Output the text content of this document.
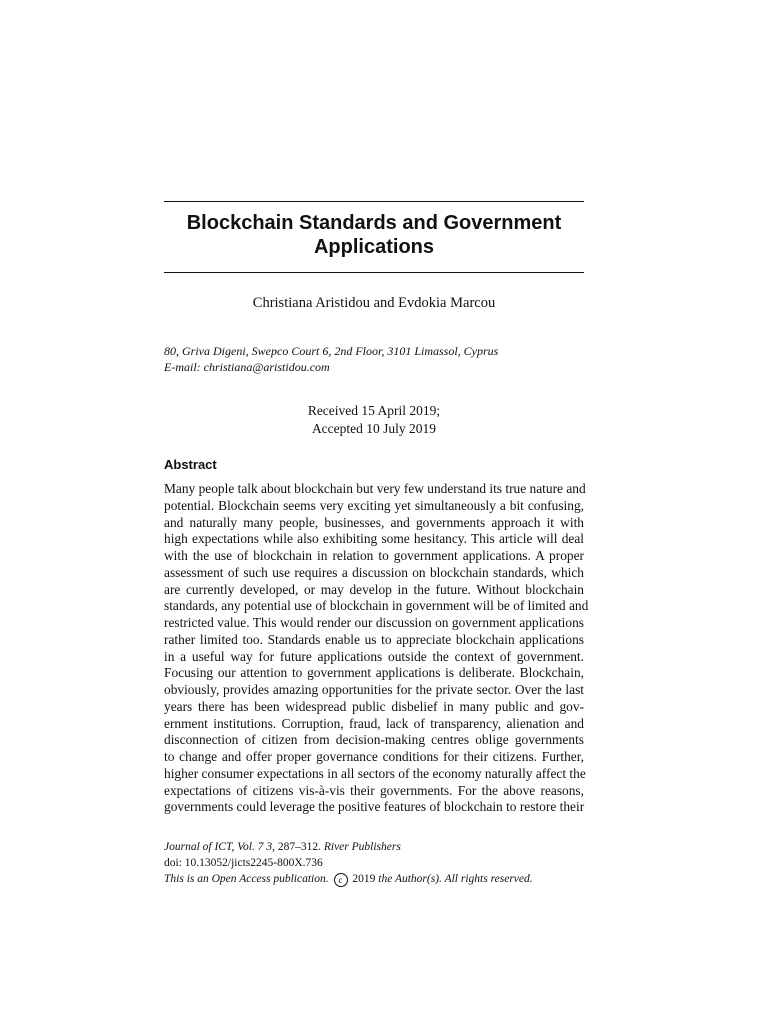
Blockchain Standards and Government
Applications
Christiana Aristidou and Evdokia Marcou
80, Griva Digeni, Swepco Court 6, 2nd Floor, 3101 Limassol, Cyprus
E-mail: christiana@aristidou.com
Received 15 April 2019;
Accepted 10 July 2019
Abstract
Many people talk about blockchain but very few understand its true nature and
potential. Blockchain seems very exciting yet simultaneously a bit confusing,
and naturally many people, businesses, and governments approach it with
high expectations while also exhibiting some hesitancy. This article will deal
with the use of blockchain in relation to government applications. A proper
assessment of such use requires a discussion on blockchain standards, which
are currently developed, or may develop in the future. Without blockchain
standards, any potential use of blockchain in government will be of limited and
restricted value. This would render our discussion on government applications
rather limited too. Standards enable us to appreciate blockchain applications
in a useful way for future applications outside the context of government.
Focusing our attention to government applications is deliberate. Blockchain,
obviously, provides amazing opportunities for the private sector. Over the last
years there has been widespread public disbelief in many public and gov-
ernment institutions. Corruption, fraud, lack of transparency, alienation and
disconnection of citizen from decision-making centres oblige governments
to change and offer proper governance conditions for their citizens. Further,
higher consumer expectations in all sectors of the economy naturally affect the
expectations of citizens vis-à-vis their governments. For the above reasons,
governments could leverage the positive features of blockchain to restore their
Journal of ICT, Vol. 7 3, 287–312. River Publishers
doi: 10.13052/jicts2245-800X.736
This is an Open Access publication. c 2019 the Author(s). All rights reserved.
